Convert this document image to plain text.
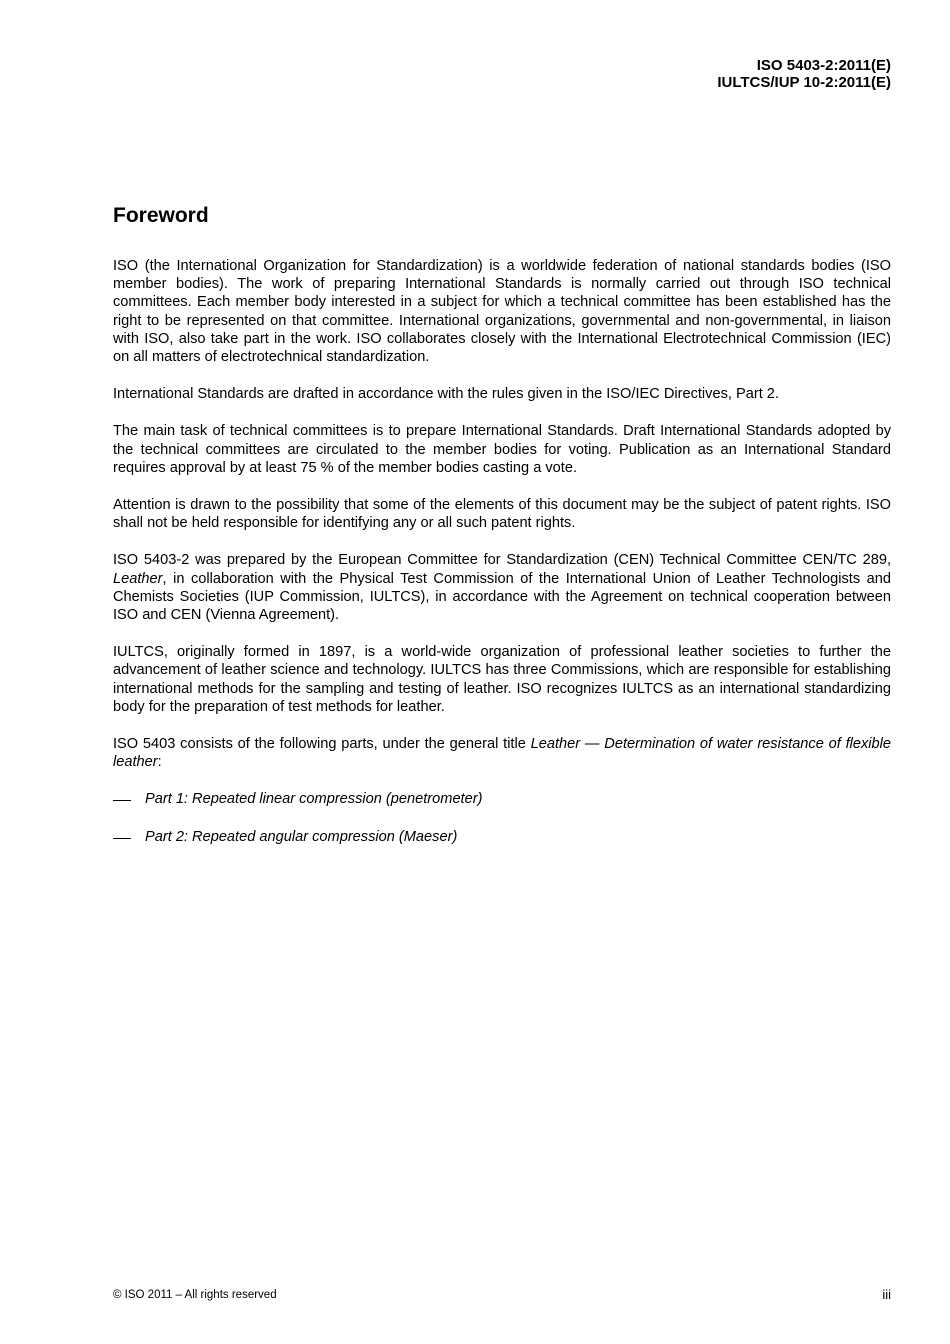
ISO 5403-2:2011(E)
IULTCS/IUP 10-2:2011(E)
Foreword

ISO (the International Organization for Standardization) is a worldwide federation of national standards bodies (ISO member bodies). The work of preparing International Standards is normally carried out through ISO technical committees. Each member body interested in a subject for which a technical committee has been established has the right to be represented on that committee. International organizations, governmental and non-governmental, in liaison with ISO, also take part in the work. ISO collaborates closely with the International Electrotechnical Commission (IEC) on all matters of electrotechnical standardization.

International Standards are drafted in accordance with the rules given in the ISO/IEC Directives, Part 2.

The main task of technical committees is to prepare International Standards. Draft International Standards adopted by the technical committees are circulated to the member bodies for voting. Publication as an International Standard requires approval by at least 75 % of the member bodies casting a vote.

Attention is drawn to the possibility that some of the elements of this document may be the subject of patent rights. ISO shall not be held responsible for identifying any or all such patent rights.

ISO 5403-2 was prepared by the European Committee for Standardization (CEN) Technical Committee CEN/TC 289, Leather, in collaboration with the Physical Test Commission of the International Union of Leather Technologists and Chemists Societies (IUP Commission, IULTCS), in accordance with the Agreement on technical cooperation between ISO and CEN (Vienna Agreement).

IULTCS, originally formed in 1897, is a world-wide organization of professional leather societies to further the advancement of leather science and technology. IULTCS has three Commissions, which are responsible for establishing international methods for the sampling and testing of leather. ISO recognizes IULTCS as an international standardizing body for the preparation of test methods for leather.

ISO 5403 consists of the following parts, under the general title Leather — Determination of water resistance of flexible leather:

Part 1: Repeated linear compression (penetrometer)
Part 2: Repeated angular compression (Maeser)
© ISO 2011 – All rights reserved	iii
